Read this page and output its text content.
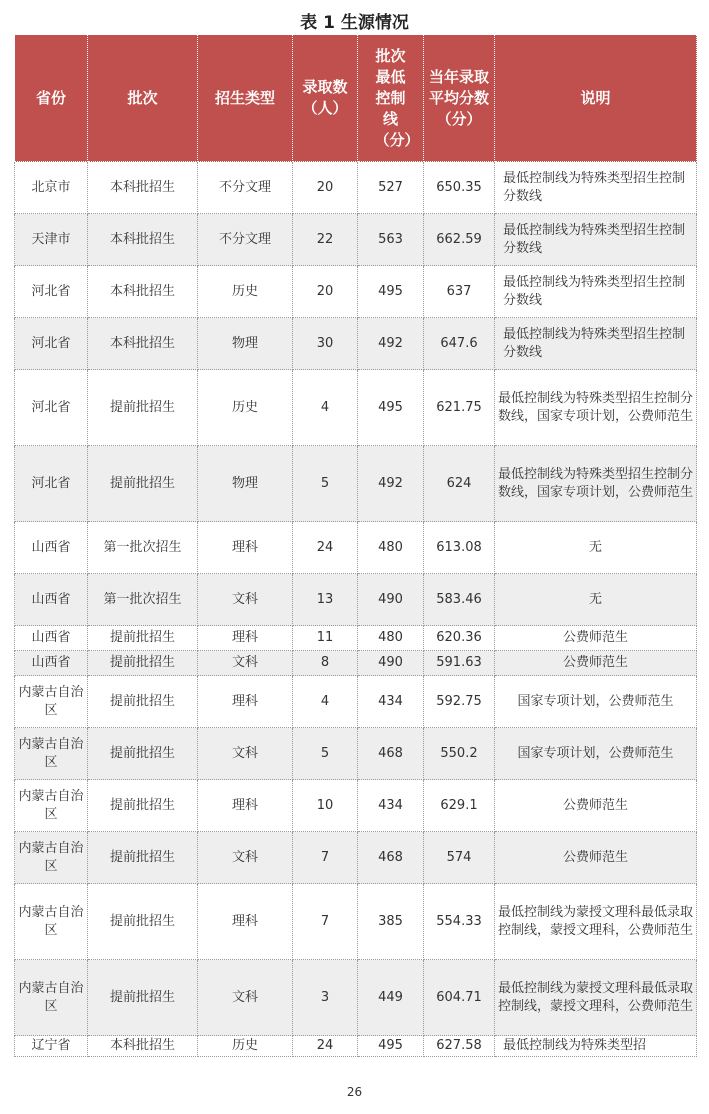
表 1 生源情况
省份	批次	招生类型	录取数（人）	批次最低控制线（分）	当年录取平均分数（分）	说明
北京市	本科批招生	不分文理	20	527	650.35	最低控制线为特殊类型招生控制分数线
天津市	本科批招生	不分文理	22	563	662.59	最低控制线为特殊类型招生控制分数线
河北省	本科批招生	历史	20	495	637	最低控制线为特殊类型招生控制分数线
河北省	本科批招生	物理	30	492	647.6	最低控制线为特殊类型招生控制分数线
河北省	提前批招生	历史	4	495	621.75	最低控制线为特殊类型招生控制分数线，国家专项计划，公费师范生
河北省	提前批招生	物理	5	492	624	最低控制线为特殊类型招生控制分数线，国家专项计划，公费师范生
山西省	第一批次招生	理科	24	480	613.08	无
山西省	第一批次招生	文科	13	490	583.46	无
山西省	提前批招生	理科	11	480	620.36	公费师范生
山西省	提前批招生	文科	8	490	591.63	公费师范生
内蒙古自治区	提前批招生	理科	4	434	592.75	国家专项计划，公费师范生
内蒙古自治区	提前批招生	文科	5	468	550.2	国家专项计划，公费师范生
内蒙古自治区	提前批招生	理科	10	434	629.1	公费师范生
内蒙古自治区	提前批招生	文科	7	468	574	公费师范生
内蒙古自治区	提前批招生	理科	7	385	554.33	最低控制线为蒙授文理科最低录取控制线，蒙授文理科，公费师范生
内蒙古自治区	提前批招生	文科	3	449	604.71	最低控制线为蒙授文理科最低录取控制线，蒙授文理科，公费师范生
辽宁省	本科批招生	历史	24	495	627.58	最低控制线为特殊类型招
26
